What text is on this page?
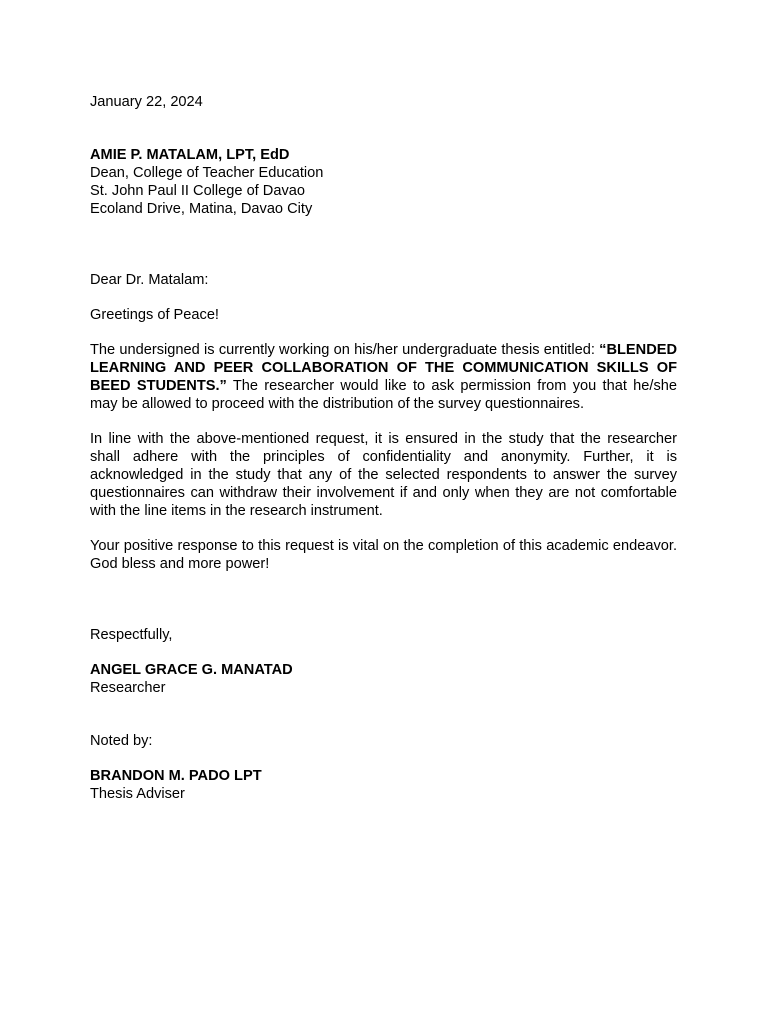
January 22, 2024
AMIE P. MATALAM, LPT, EdD
Dean, College of Teacher Education
St. John Paul II College of Davao
Ecoland Drive, Matina, Davao City
Dear Dr. Matalam:
Greetings of Peace!

The undersigned is currently working on his/her undergraduate thesis entitled: “BLENDED LEARNING AND PEER COLLABORATION OF THE COMMUNICATION SKILLS OF BEED STUDENTS.” The researcher would like to ask permission from you that he/she may be allowed to proceed with the distribution of the survey questionnaires.

In line with the above-mentioned request, it is ensured in the study that the researcher shall adhere with the principles of confidentiality and anonymity. Further, it is acknowledged in the study that any of the selected respondents to answer the survey questionnaires can withdraw their involvement if and only when they are not comfortable with the line items in the research instrument.

Your positive response to this request is vital on the completion of this academic endeavor. God bless and more power!

Respectfully,
ANGEL GRACE G. MANATAD
Researcher
Noted by:
BRANDON M. PADO LPT
Thesis Adviser
